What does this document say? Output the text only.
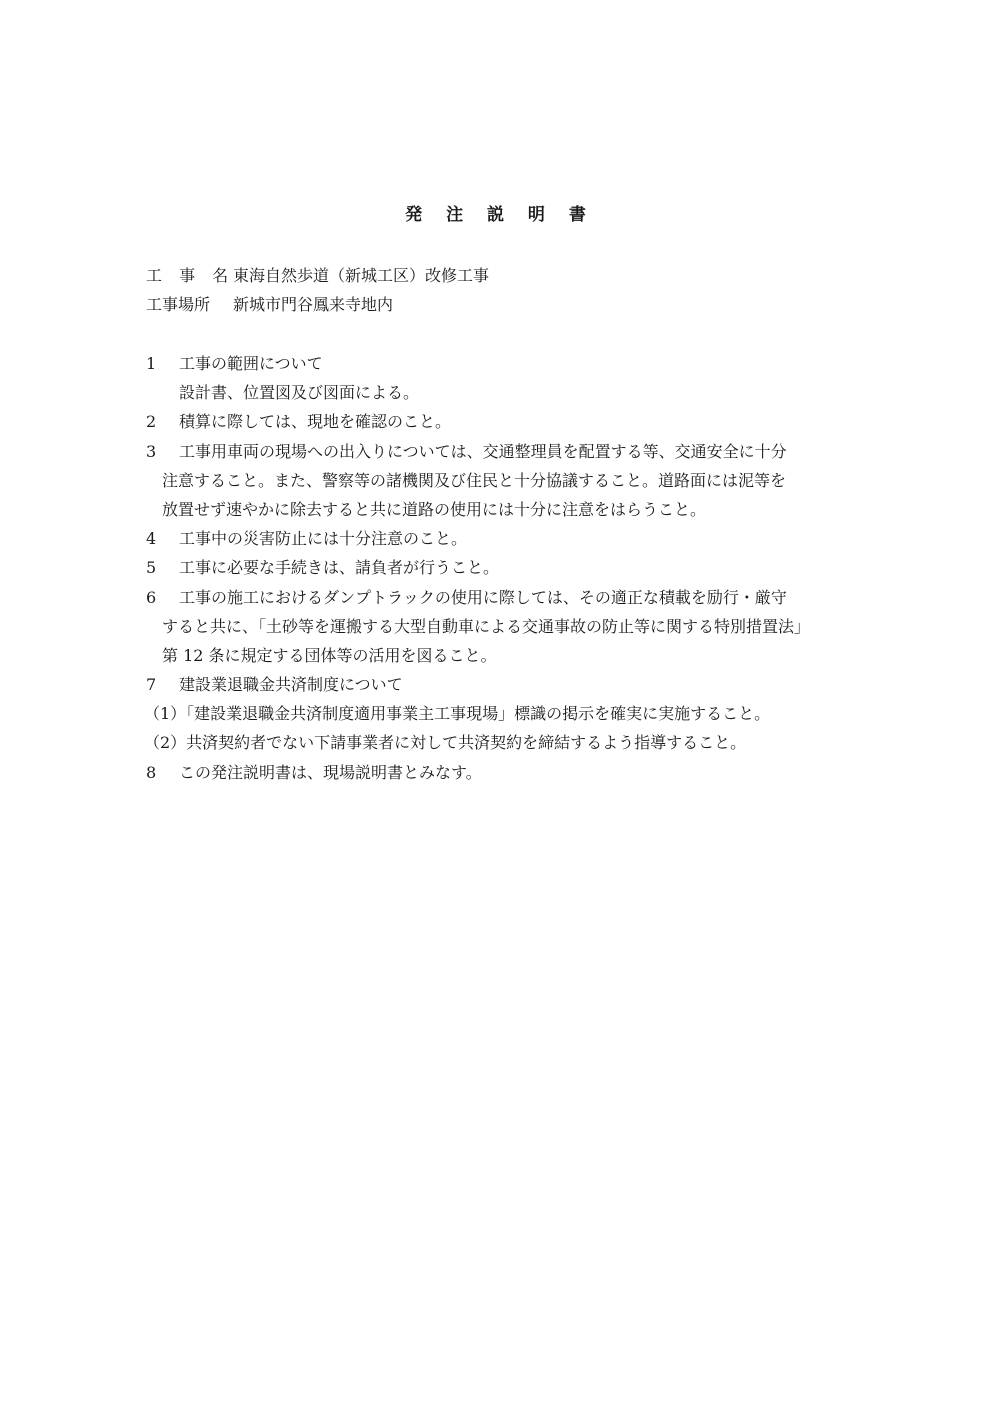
発 注 説 明 書
工 事 名
東海自然歩道（新城工区）改修工事
工事場所	新城市門谷鳳来寺地内
1 工事の範囲について
設計書、位置図及び図面による。
2 積算に際しては、現地を確認のこと。
3 工事用車両の現場への出入りについては、交通整理員を配置する等、交通安全に十分
注意すること。また、警察等の諸機関及び住民と十分協議すること。道路面には泥等を
放置せず速やかに除去すると共に道路の使用には十分に注意をはらうこと。
4 工事中の災害防止には十分注意のこと。
5 工事に必要な手続きは、請負者が行うこと。
6 工事の施工におけるダンプトラックの使用に際しては、その適正な積載を励行・厳守
すると共に、「土砂等を運搬する大型自動車による交通事故の防止等に関する特別措置法」
第 12 条に規定する団体等の活用を図ること。
7 建設業退職金共済制度について
（1）「建設業退職金共済制度適用事業主工事現場」標識の掲示を確実に実施すること。
（2）共済契約者でない下請事業者に対して共済契約を締結するよう指導すること。
8 この発注説明書は、現場説明書とみなす。
